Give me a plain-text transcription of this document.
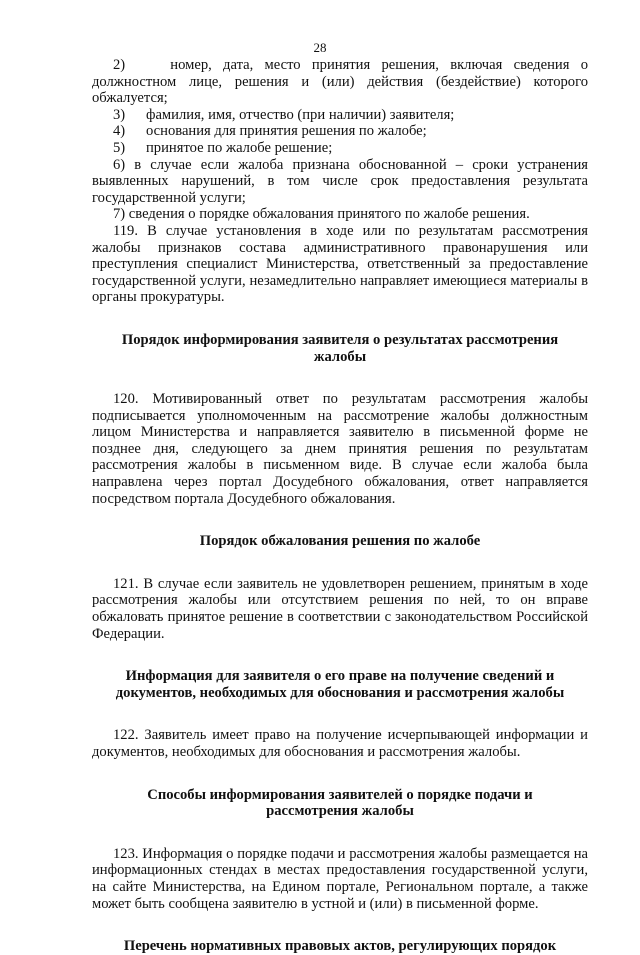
28
2)	номер, дата, место принятия решения, включая сведения о должностном лице, решения и (или) действия (бездействие) которого обжалуется;
3)	фамилия, имя, отчество (при наличии) заявителя;
4)	основания для принятия решения по жалобе;
5)	принятое по жалобе решение;

6) в случае если жалоба признана обоснованной – сроки устранения выявленных нарушений, в том числе срок предоставления результата государственной услуги;

7) сведения о порядке обжалования принятого по жалобе решения.

119. В случае установления в ходе или по результатам рассмотрения жалобы признаков состава административного правонарушения или преступления специалист Министерства, ответственный за предоставление государственной услуги, незамедлительно направляет имеющиеся материалы в органы прокуратуры.

Порядок информирования заявителя о результатах рассмотрения жалобы

120. Мотивированный ответ по результатам рассмотрения жалобы подписывается уполномоченным на рассмотрение жалобы должностным лицом Министерства и направляется заявителю в письменной форме не позднее дня, следующего за днем принятия решения по результатам рассмотрения жалобы в письменном виде. В случае если жалоба была направлена через портал Досудебного обжалования, ответ направляется посредством портала Досудебного обжалования.

Порядок обжалования решения по жалобе

121. В случае если заявитель не удовлетворен решением, принятым в ходе рассмотрения жалобы или отсутствием решения по ней, то он вправе обжаловать принятое решение в соответствии с законодательством Российской Федерации.

Информация для заявителя о его праве на получение сведений и документов, необходимых для обоснования и рассмотрения жалобы

122. Заявитель имеет право на получение исчерпывающей информации и документов, необходимых для обоснования и рассмотрения жалобы.

Способы информирования заявителей о порядке подачи и рассмотрения жалобы

123. Информация о порядке подачи и рассмотрения жалобы размещается на информационных стендах в местах предоставления государственной услуги, на сайте Министерства, на Едином портале, Региональном портале, а также может быть сообщена заявителю в устной и (или) в письменной форме.

Перечень нормативных правовых актов, регулирующих порядок
